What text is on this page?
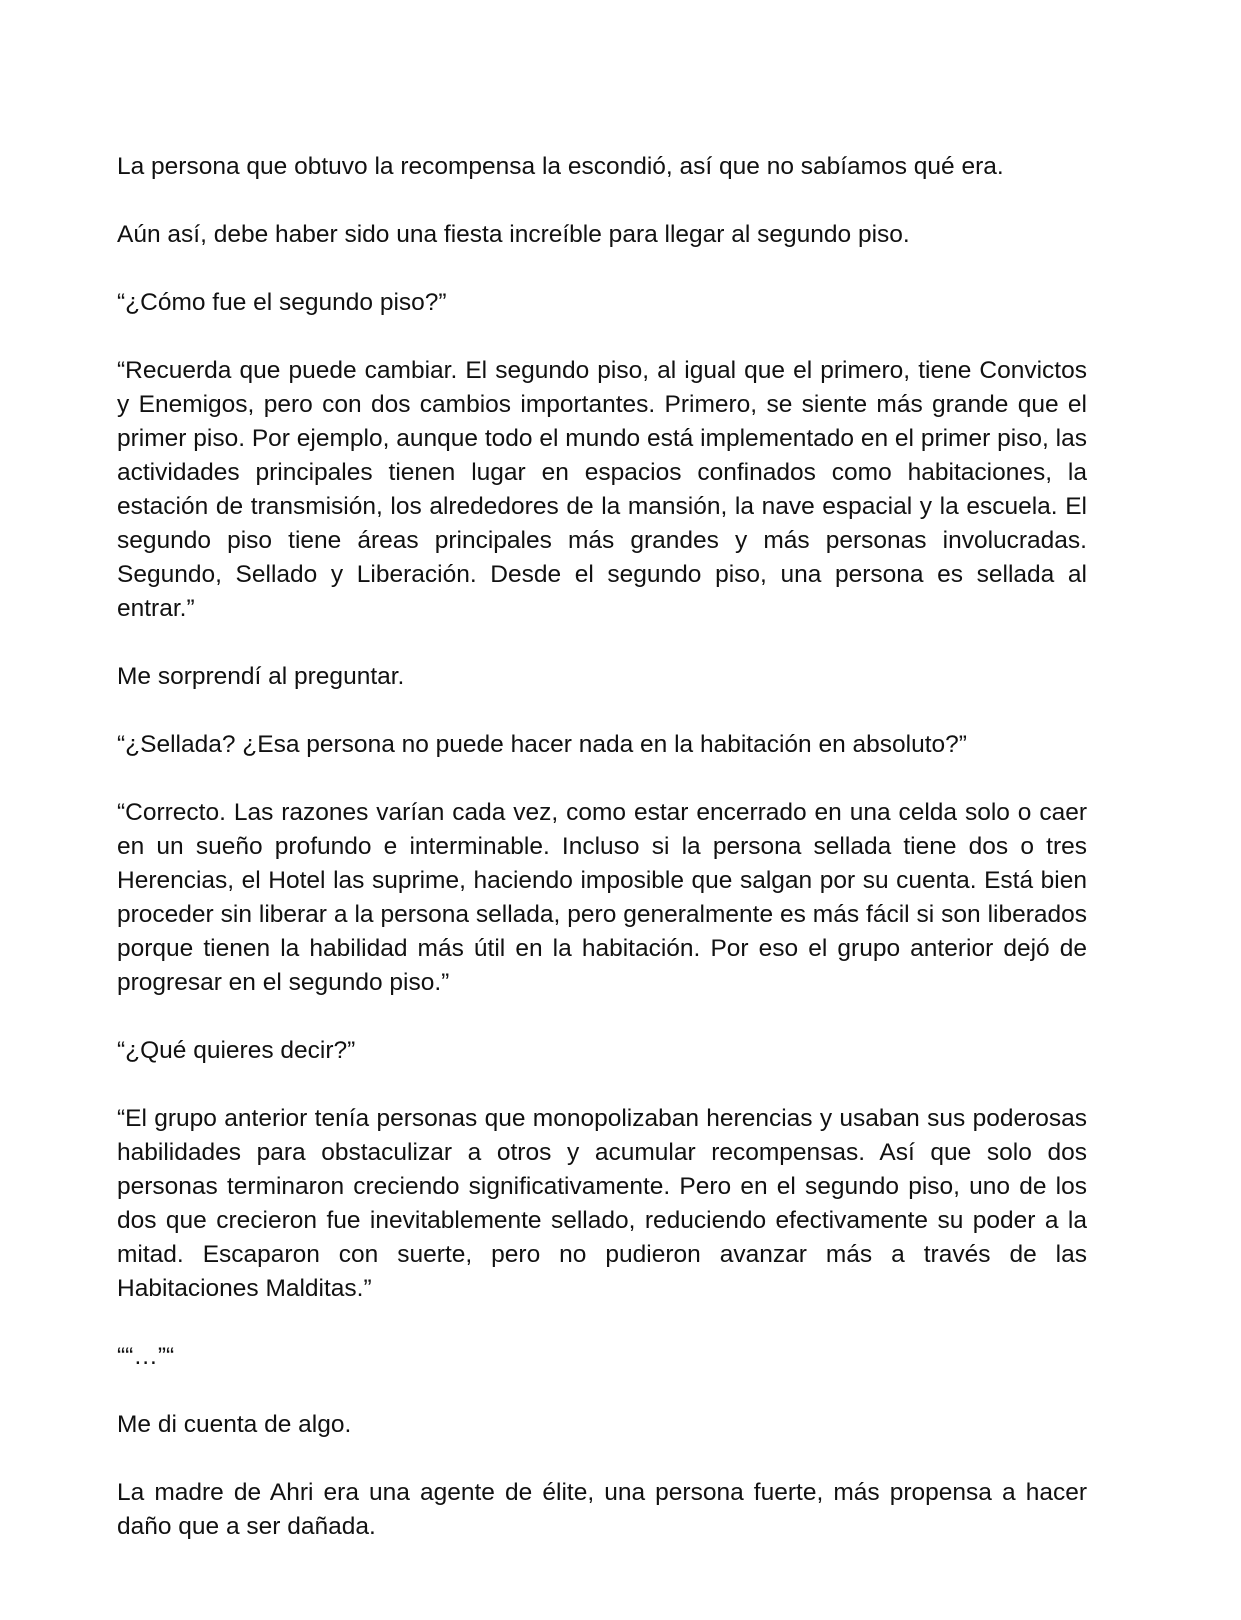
La persona que obtuvo la recompensa la escondió, así que no sabíamos qué era.

Aún así, debe haber sido una fiesta increíble para llegar al segundo piso.

“¿Cómo fue el segundo piso?”

“Recuerda que puede cambiar. El segundo piso, al igual que el primero, tiene Convictos y Enemigos, pero con dos cambios importantes. Primero, se siente más grande que el primer piso. Por ejemplo, aunque todo el mundo está implementado en el primer piso, las actividades principales tienen lugar en espacios confinados como habitaciones, la estación de transmisión, los alrededores de la mansión, la nave espacial y la escuela. El segundo piso tiene áreas principales más grandes y más personas involucradas. Segundo, Sellado y Liberación. Desde el segundo piso, una persona es sellada al entrar.”

Me sorprendí al preguntar.

“¿Sellada? ¿Esa persona no puede hacer nada en la habitación en absoluto?”

“Correcto. Las razones varían cada vez, como estar encerrado en una celda solo o caer en un sueño profundo e interminable. Incluso si la persona sellada tiene dos o tres Herencias, el Hotel las suprime, haciendo imposible que salgan por su cuenta. Está bien proceder sin liberar a la persona sellada, pero generalmente es más fácil si son liberados porque tienen la habilidad más útil en la habitación. Por eso el grupo anterior dejó de progresar en el segundo piso.”

“¿Qué quieres decir?”

“El grupo anterior tenía personas que monopolizaban herencias y usaban sus poderosas habilidades para obstaculizar a otros y acumular recompensas. Así que solo dos personas terminaron creciendo significativamente. Pero en el segundo piso, uno de los dos que crecieron fue inevitablemente sellado, reduciendo efectivamente su poder a la mitad. Escaparon con suerte, pero no pudieron avanzar más a través de las Habitaciones Malditas.”

““…”“

Me di cuenta de algo.

La madre de Ahri era una agente de élite, una persona fuerte, más propensa a hacer daño que a ser dañada.
